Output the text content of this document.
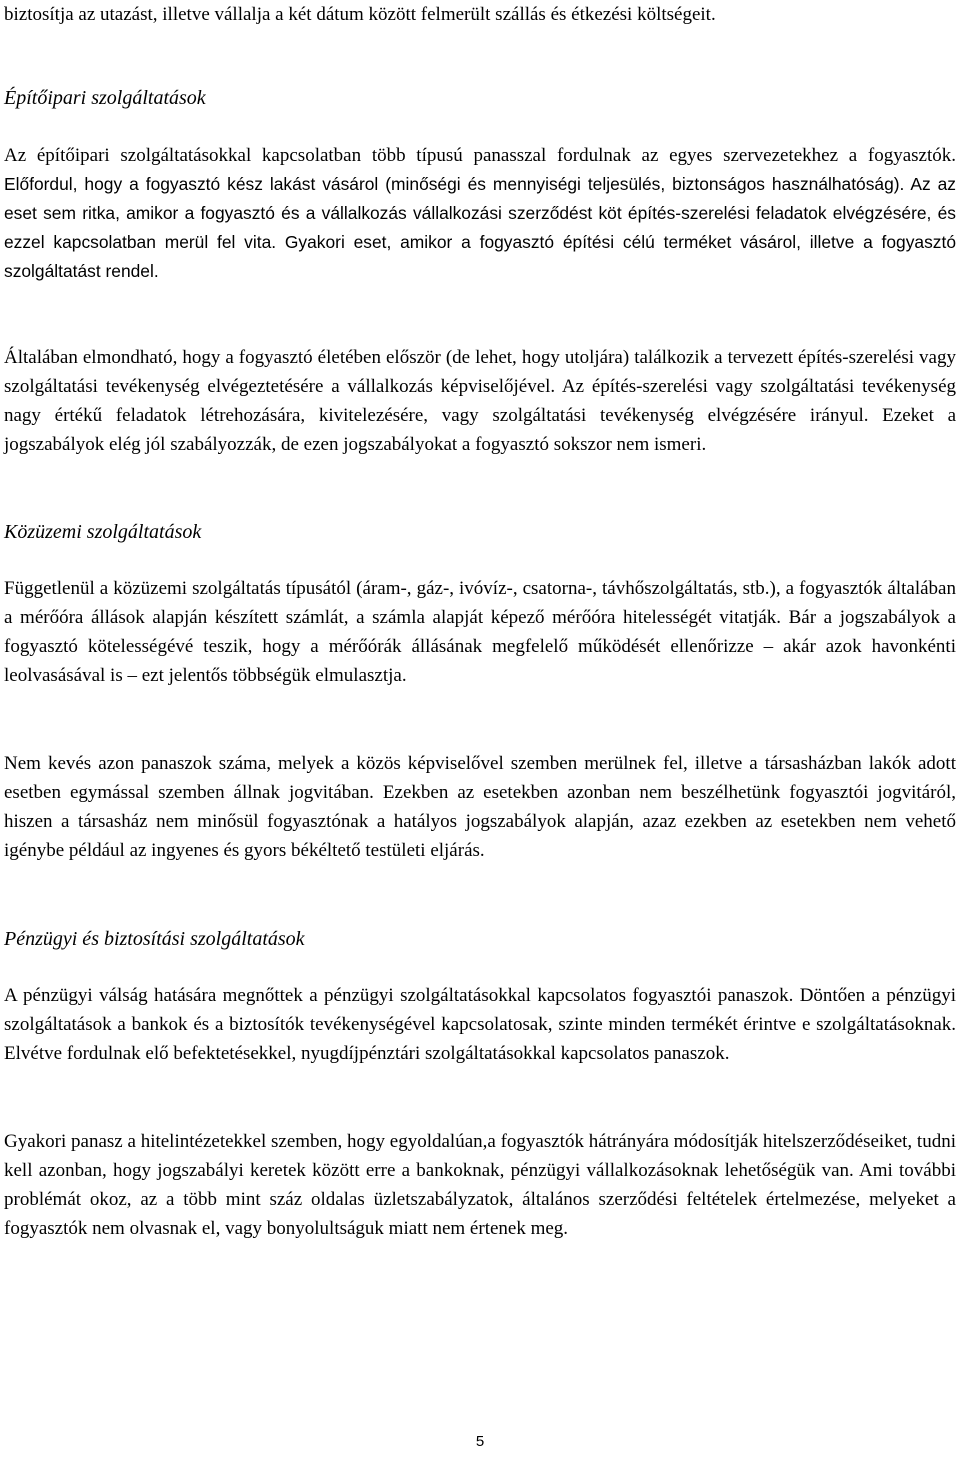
biztosítja az utazást, illetve vállalja a két dátum között felmerült szállás és étkezési költségeit.

Építőipari szolgáltatások

Az építőipari szolgáltatásokkal kapcsolatban több típusú panasszal fordulnak az egyes szervezetekhez a fogyasztók. Előfordul, hogy a fogyasztó kész lakást vásárol (minőségi és mennyiségi teljesülés, biztonságos használhatóság). Az az eset sem ritka, amikor a fogyasztó és a vállalkozás vállalkozási szerződést köt építés-szerelési feladatok elvégzésére, és ezzel kapcsolatban merül fel vita. Gyakori eset, amikor a fogyasztó építési célú terméket vásárol, illetve a fogyasztó szolgáltatást rendel.

Általában elmondható, hogy a fogyasztó életében először (de lehet, hogy utoljára) találkozik a tervezett építés-szerelési vagy szolgáltatási tevékenység elvégeztetésére a vállalkozás képviselőjével. Az építés-szerelési vagy szolgáltatási tevékenység nagy értékű feladatok létrehozására, kivitelezésére, vagy szolgáltatási tevékenység elvégzésére irányul. Ezeket a jogszabályok elég jól szabályozzák, de ezen jogszabályokat a fogyasztó sokszor nem ismeri.

Közüzemi szolgáltatások

Függetlenül a közüzemi szolgáltatás típusától (áram-, gáz-, ivóvíz-, csatorna-, távhőszolgáltatás, stb.), a fogyasztók általában a mérőóra állások alapján készített számlát, a számla alapját képező mérőóra hitelességét vitatják. Bár a jogszabályok a fogyasztó kötelességévé teszik, hogy a mérőórák állásának megfelelő működését ellenőrizze – akár azok havonkénti leolvasásával is – ezt jelentős többségük elmulasztja.

Nem kevés azon panaszok száma, melyek a közös képviselővel szemben merülnek fel, illetve a társasházban lakók adott esetben egymással szemben állnak jogvitában. Ezekben az esetekben azonban nem beszélhetünk fogyasztói jogvitáról, hiszen a társasház nem minősül fogyasztónak a hatályos jogszabályok alapján, azaz ezekben az esetekben nem vehető igénybe például az ingyenes és gyors békéltető testületi eljárás.

Pénzügyi és biztosítási szolgáltatások

A pénzügyi válság hatására megnőttek a pénzügyi szolgáltatásokkal kapcsolatos fogyasztói panaszok. Döntően a pénzügyi szolgáltatások a bankok és a biztosítók tevékenységével kapcsolatosak, szinte minden termékét érintve e szolgáltatásoknak. Elvétve fordulnak elő befektetésekkel, nyugdíjpénztári szolgáltatásokkal kapcsolatos panaszok.

Gyakori panasz a hitelintézetekkel szemben, hogy egyoldalúan,a fogyasztók hátrányára módosítják hitelszerződéseiket, tudni kell azonban, hogy jogszabályi keretek között erre a bankoknak, pénzügyi vállalkozásoknak lehetőségük van. Ami további problémát okoz, az a több mint száz oldalas üzletszabályzatok, általános szerződési feltételek értelmezése, melyeket a fogyasztók nem olvasnak el, vagy bonyolultságuk miatt nem értenek meg.

5
